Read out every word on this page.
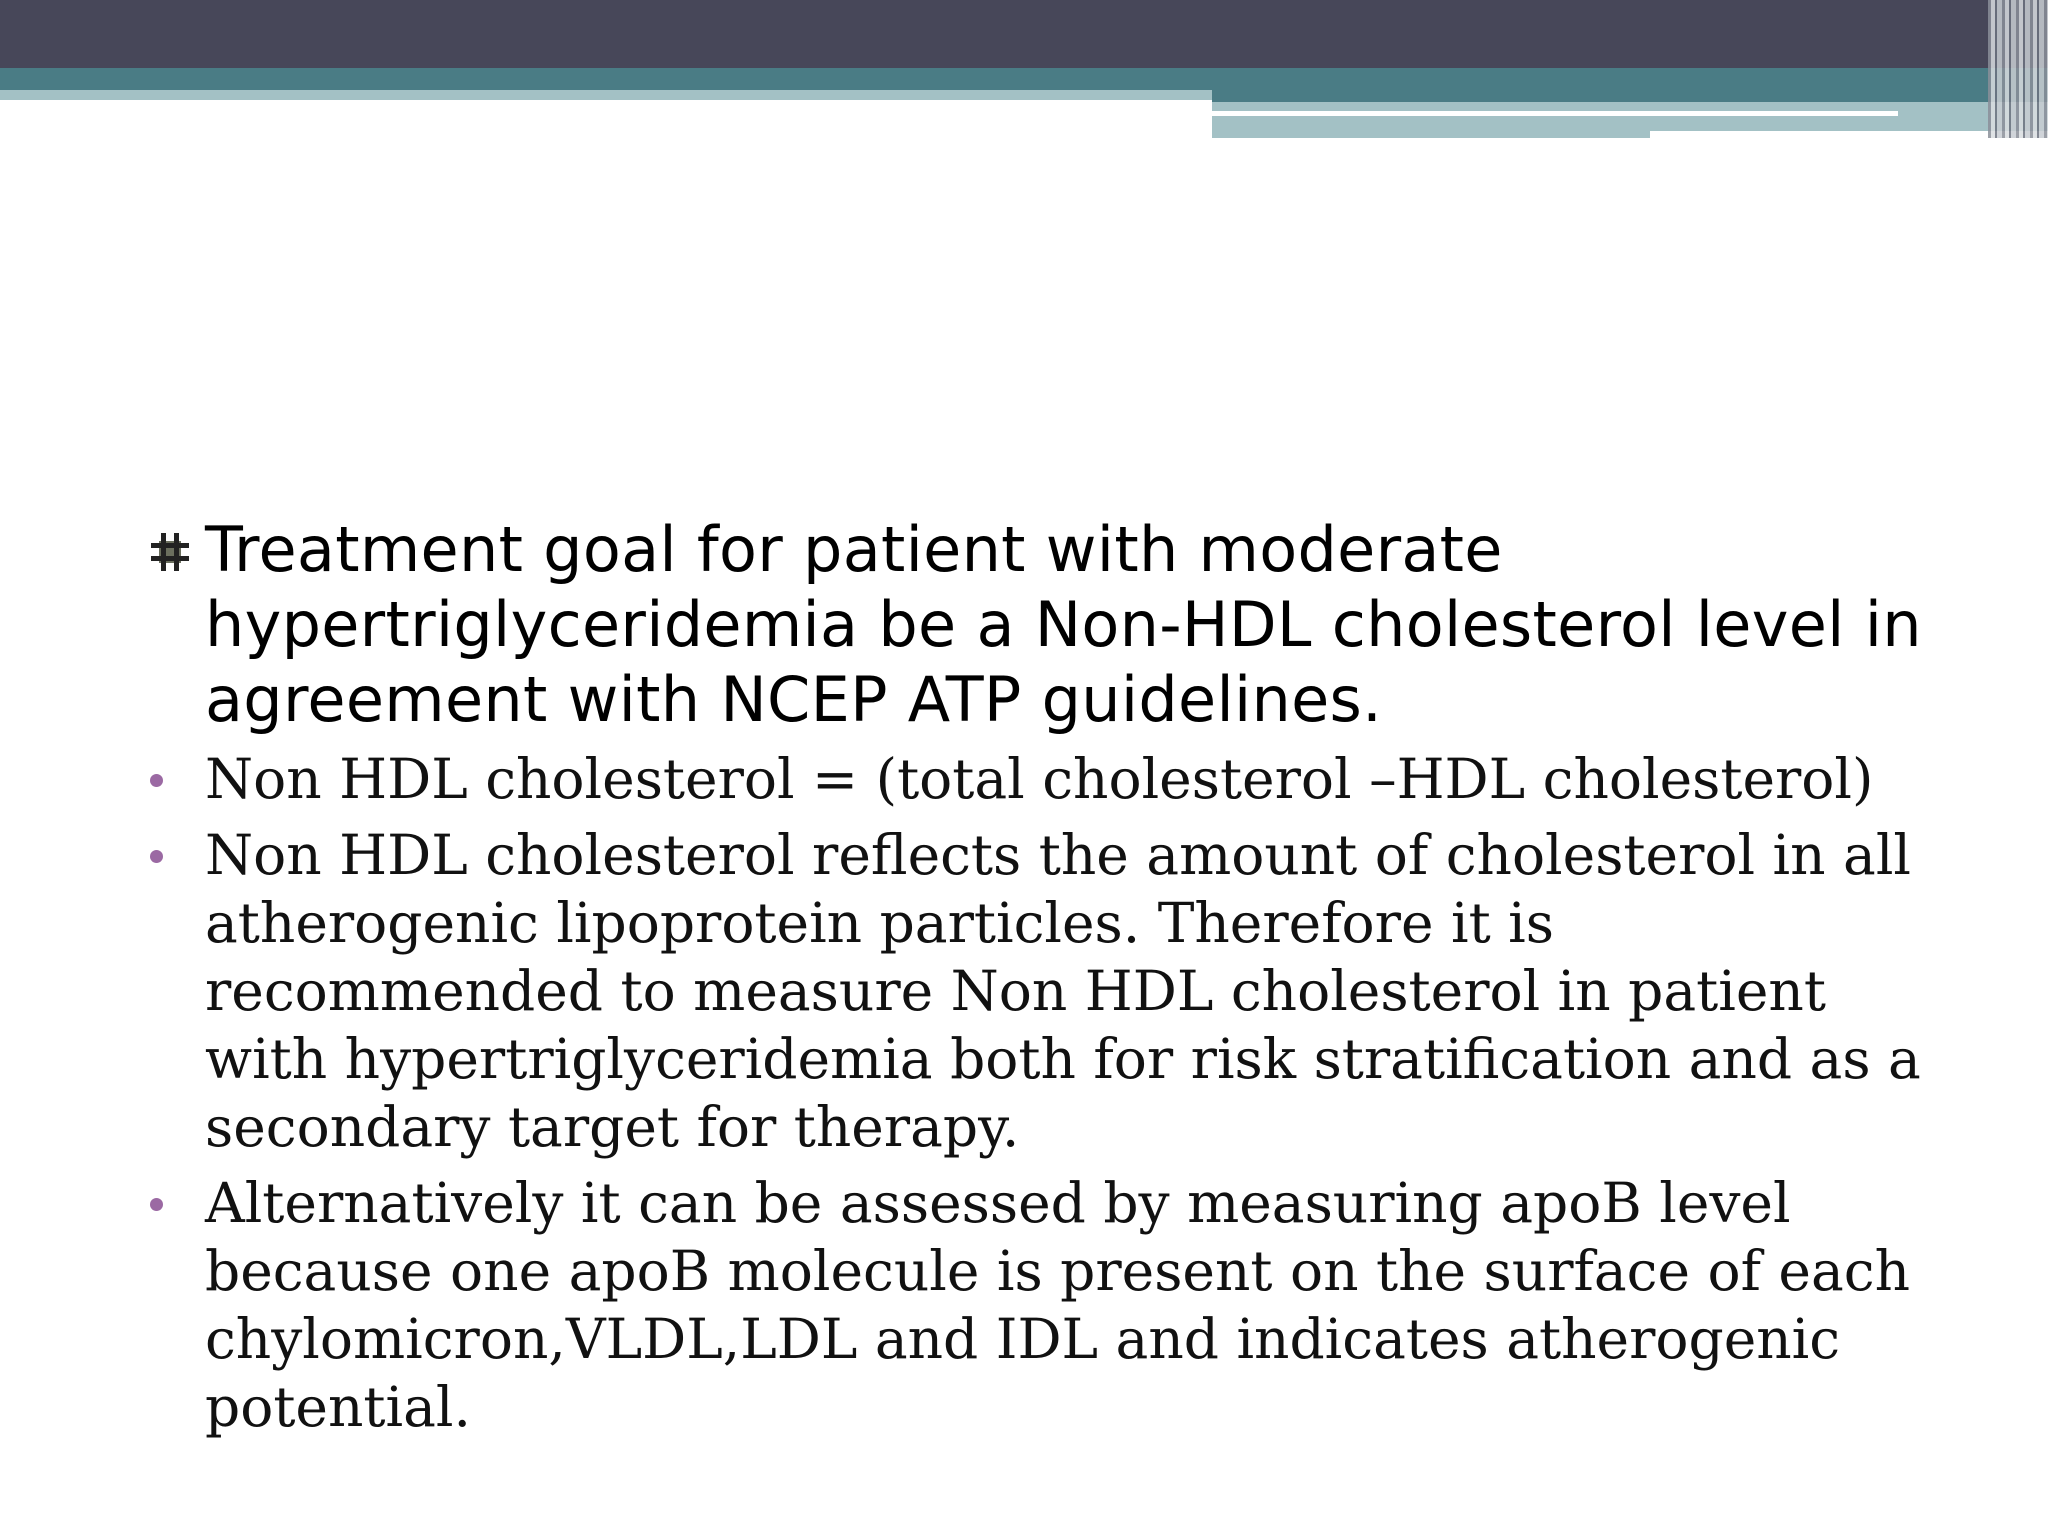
Treatment goal for patient with moderate hypertriglyceridemia be a Non-HDL cholesterol level in agreement with NCEP ATP guidelines.
Non HDL cholesterol = (total cholesterol –HDL cholesterol)
Non HDL cholesterol reflects the amount of cholesterol in all atherogenic lipoprotein particles. Therefore it is recommended to measure Non HDL cholesterol in patient with hypertriglyceridemia both for risk stratification and as a secondary target for therapy.
Alternatively it can be assessed by measuring apoB level because one apoB molecule is present on the surface of each chylomicron,VLDL,LDL and IDL and indicates atherogenic potential.
